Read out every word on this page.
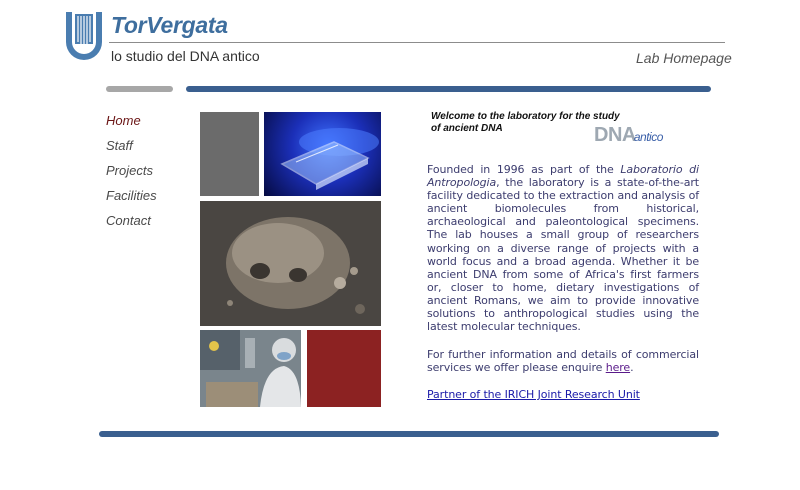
TorVergata
lo studio del DNA antico	Lab Homepage
Home
Staff
Projects
Facilities
Contact
Welcome to the laboratory for the study of ancient DNA	DNAantico
Founded in 1996 as part of the Laboratorio di Antropologia, the laboratory is a state-of-the-art facility dedicated to the extraction and analysis of ancient biomolecules from historical, archaeological and paleontological specimens. The lab houses a small group of researchers working on a diverse range of projects with a world focus and a broad agenda. Whether it be ancient DNA from some of Africa's first farmers or, closer to home, dietary investigations of ancient Romans, we aim to provide innovative solutions to anthropological studies using the latest molecular techniques.
For further information and details of commercial services we offer please enquire here.
Partner of the IRICH Joint Research Unit
